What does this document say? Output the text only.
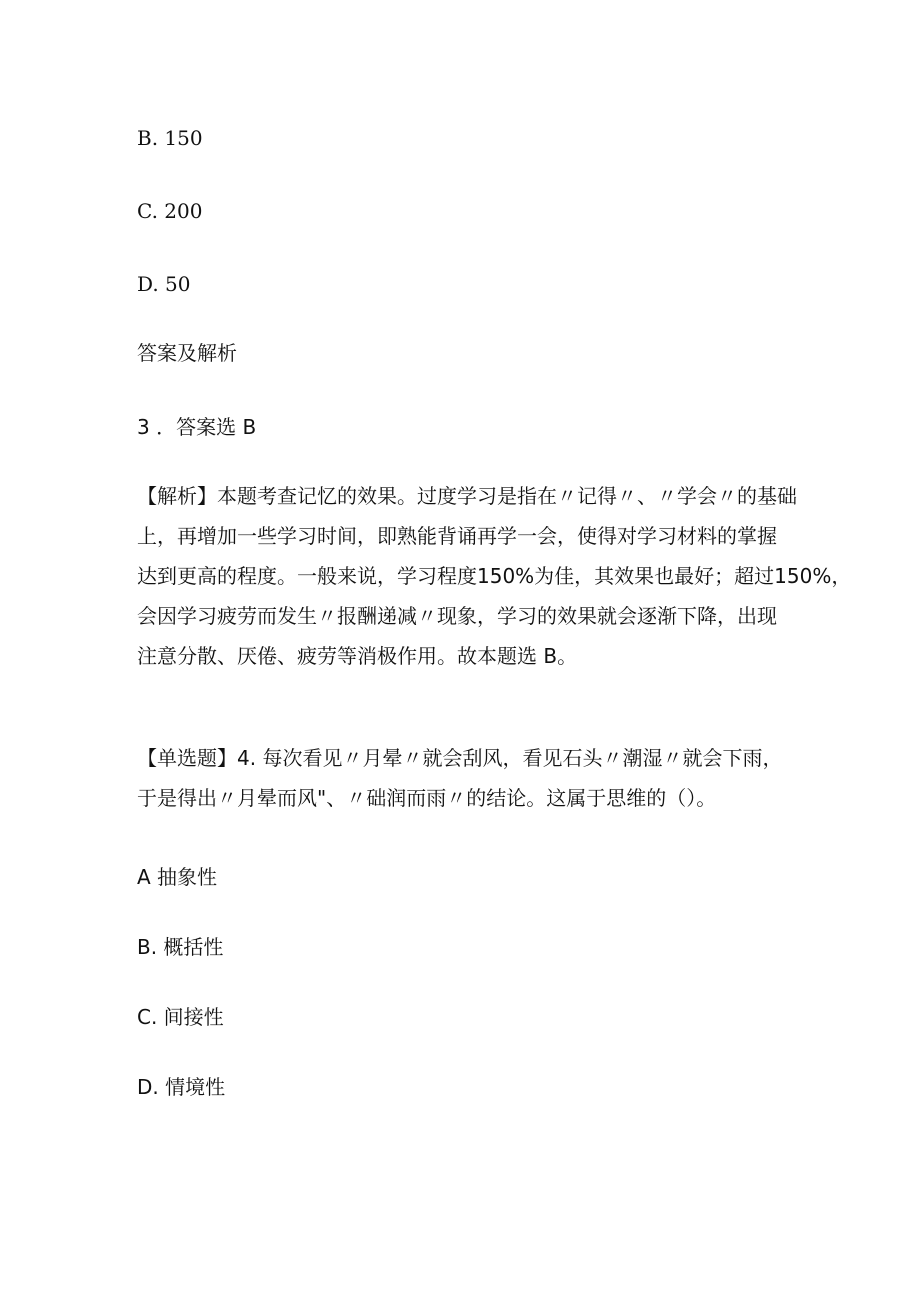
B. 150
C. 200
D. 50
答案及解析
3 ．答案选 B
【解析】本题考查记忆的效果。过度学习是指在〃记得〃、〃学会〃的基础
上，再增加一些学习时间，即熟能背诵再学一会，使得对学习材料的掌握
达到更高的程度。一般来说，学习程度150%为佳，其效果也最好；超过150%，
会因学习疲劳而发生〃报酬递减〃现象，学习的效果就会逐渐下降，出现
注意分散、厌倦、疲劳等消极作用。故本题选 B。
【单选题】4. 每次看见〃月晕〃就会刮风，看见石头〃潮湿〃就会下雨，
于是得出〃月晕而风"、〃础润而雨〃的结论。这属于思维的（）。
A 抽象性
B. 概括性
C. 间接性
D. 情境性
